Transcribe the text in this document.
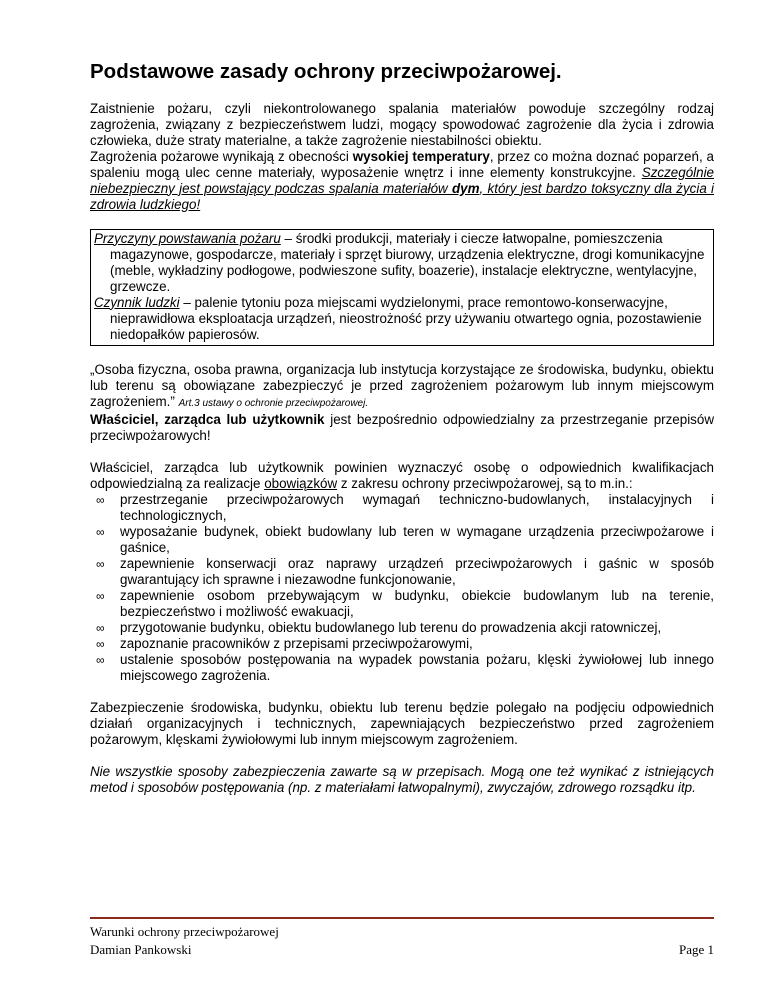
Podstawowe zasady ochrony przeciwpożarowej.

Zaistnienie pożaru, czyli niekontrolowanego spalania materiałów powoduje szczególny rodzaj zagrożenia, związany z bezpieczeństwem ludzi, mogący spowodować zagrożenie dla życia i zdrowia człowieka, duże straty materialne, a także zagrożenie niestabilności obiektu.

Zagrożenia pożarowe wynikają z obecności wysokiej temperatury, przez co można doznać poparzeń, a spaleniu mogą ulec cenne materiały, wyposażenie wnętrz i inne elementy konstrukcyjne. Szczególnie niebezpieczny jest powstający podczas spalania materiałów dym, który jest bardzo toksyczny dla życia i zdrowia ludzkiego!

Przyczyny powstawania pożaru – środki produkcji, materiały i ciecze łatwopalne, pomieszczenia magazynowe, gospodarcze, materiały i sprzęt biurowy, urządzenia elektryczne, drogi komunikacyjne (meble, wykładziny podłogowe, podwieszone sufity, boazerie), instalacje elektryczne, wentylacyjne, grzewcze.

Czynnik ludzki – palenie tytoniu poza miejscami wydzielonymi, prace remontowo-konserwacyjne, nieprawidłowa eksploatacja urządzeń, nieostrożność przy używaniu otwartego ognia, pozostawienie niedopałków papierosów.

„Osoba fizyczna, osoba prawna, organizacja lub instytucja korzystające ze środowiska, budynku, obiektu lub terenu są obowiązane zabezpieczyć je przed zagrożeniem pożarowym lub innym miejscowym zagrożeniem.” Art.3 ustawy o ochronie przeciwpożarowej.

Właściciel, zarządca lub użytkownik jest bezpośrednio odpowiedzialny za przestrzeganie przepisów przeciwpożarowych!

Właściciel, zarządca lub użytkownik powinien wyznaczyć osobę o odpowiednich kwalifikacjach odpowiedzialną za realizacje obowiązków z zakresu ochrony przeciwpożarowej, są to m.in.:

∞ przestrzeganie przeciwpożarowych wymagań techniczno-budowlanych, instalacyjnych i technologicznych,
∞ wyposażanie budynek, obiekt budowlany lub teren w wymagane urządzenia przeciwpożarowe i gaśnice,
∞ zapewnienie konserwacji oraz naprawy urządzeń przeciwpożarowych i gaśnic w sposób gwarantujący ich sprawne i niezawodne funkcjonowanie,
∞ zapewnienie osobom przebywającym w budynku, obiekcie budowlanym lub na terenie, bezpieczeństwo i możliwość ewakuacji,
∞ przygotowanie budynku, obiektu budowlanego lub terenu do prowadzenia akcji ratowniczej,
∞ zapoznanie pracowników z przepisami przeciwpożarowymi,
∞ ustalenie sposobów postępowania na wypadek powstania pożaru, klęski żywiołowej lub innego miejscowego zagrożenia.

Zabezpieczenie środowiska, budynku, obiektu lub terenu będzie polegało na podjęciu odpowiednich działań organizacyjnych i technicznych, zapewniających bezpieczeństwo przed zagrożeniem pożarowym, klęskami żywiołowymi lub innym miejscowym zagrożeniem.

Nie wszystkie sposoby zabezpieczenia zawarte są w przepisach. Mogą one też wynikać z istniejących metod i sposobów postępowania (np. z materiałami łatwopalnymi), zwyczajów, zdrowego rozsądku itp.

Warunki ochrony przeciwpożarowej
Damian Pankowski	Page 1
